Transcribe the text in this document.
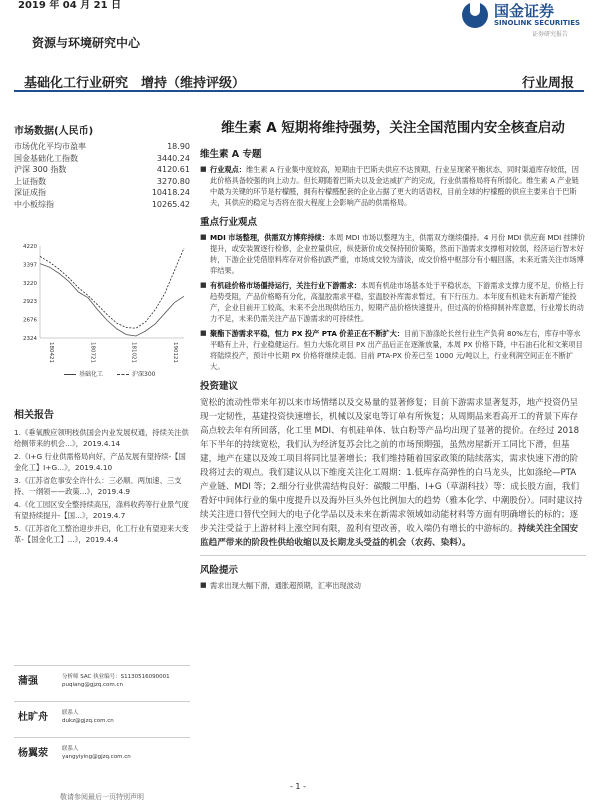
2019 年 04 月 21 日	国金证券
SINOLINK SECURITIES
证券研究报告
资源与环境研究中心
基础化工行业研究　增持（维持评级）	行业周报
市场数据(人民币)
市场优化平均市盈率	18.90
国金基础化工指数	3440.24
沪深 300 指数	4120.61
上证指数	3270.80
深证成指	10418.24
中小板综指	10265.42
4220
3397
3220
2923
2676
2324
180421	180721	181021	190121
基础化工	沪深300
相关报告

1.《垂氧酸应领明枝供国会内业发展权通，持续关注供给侧带来的机会...》，2019.4.14

2.《I+G 行业供需格局向好，产品发展有望持续-【国金化工】I+G...》，2019.4.10

3.《江苏省危事安全许什么：三必顺、两加速、三支持、一纲领——政策...》，2019.4.9

4.《化工园区安全整持续高压，涤料收药等行业景气度有望持续提升-【国...》，2019.4.7

5.《江苏省化工整治迎步并启，化工行业有望迎来大变革-【国金化工】...》，2019.4.4

蒲强	分析师 SAC 执业编号：S1130516090001
puqiang@gjzq.com.cn
杜旷舟	联系人
dukz@gjzq.com.cn
杨翼荥	联系人
yangyiying@gjzq.com.cn
维生素 A 短期将维持强势，关注全国范围内安全核查启动
维生素 A 专题
■ 行业观点：维生素 A 行业集中度较高，短期由于巴斯夫供应不达预期，行业呈现紧平衡状态，同时渠道库存较低，因此价格具备较强的向上动力。但长期随着巴斯夫以及金达威扩产的完成，行业供需格局将有所弱化。维生素 A 产业链中最为关键的环节是柠檬醛，拥有柠檬醛配套的企业占据了更大的话语权，目前全球的柠檬醛的供应主要来自于巴斯夫，其供应的稳定与否将在很大程度上会影响产品的供需格局。
重点行业观点
■ MDI 市场整理，供需双方博弈持续：本周 MDI 市场以整理为主，供需双方继续僵持。4 月份 MDI 供应商 MDI 挂牌价提升，或安装置逐行检修，企业控量供应，纵使新价成交保持韧价策略，然而下游需求支撑相对较弱，经济运行智未好转，下游企业凭借原料库存对价格抗跌严重，市场成交较为清淡，成交价格中枢部分有小幅回落，未来近需关注市场博弈结果。
■ 有机硅价格市场僵持运行，关注行业下游需求：本周有机硅市场基本处于平稳状态，下游需求支撑力度不足，价格上行趋势受阻，产品价格略有分化，高温胶需求平稳，室温胶补库需求暂过，有下行压力。本年度有机硅未有新增产能投产，企业目前开工较高，未来不会出现供给压力，短期产品价格快速提升，但过高的价格抑制补库意愿，行业增长的动力不足，未来仍需关注产品下游需求的可持续性。
■ 聚酯下游需求平稳，恒力 PX 投产 PTA 价差正在不断扩大：目前下游涤纶长丝行业生产负荷 80%左右，库存中等水平略有上升，行业稳健运行。恒力大炼化项目 PX 出产品后正在逐渐放量，本周 PX 价格下降，中石油石化和文莱项目将陆续投产，预计中长期 PX 价格将继续走弱。目前 PTA-PX 价差已至 1000 元/吨以上，行业利润空间正在不断扩大。
投资建议
宽松的流动性带来年初以来市场情绪以及交易量的显著修复；目前下游需求显著复苏，地产投资仍呈现一定韧性，基建投资快速增长，机械以及家电等订单有所恢复；从周期品来看高开工的背景下库存高点较去年有所回落，化工里 MDI、有机硅单体、钛白粉等产品均出现了显著的提价。在经过 2018 年下半年的持续宽松，我们认为经济复苏会比之前的市场预期强，虽然房屋新开工同比下滑，但基建，地产在建以及竣工项目将同比显著增长；我们维持随着国家政策的陆续落实，需求快速下滑的阶段将过去的观点。我们建议从以下维度关注化工周期：1.低库存高弹性的白马龙头，比如涤纶—PTA 产业链、MDI 等；2.细分行业供需结构良好：碳酸二甲酯、I+G（草湖科技）等：成长股方面，我们看好中间体行业的集中度提升以及海外巨头外包比例加大的趋势（雅本化学、中潮股份）。同时建议持续关注进口替代空间大的电子化学品以及未来在新需求领域如动能材料等方面有明确增长的标的；逐步关注受益于上游材料上涨空间有限，盈利有望改善，收入端仍有增长的中游标的。持续关注全国安监趋严带来的阶段性供给收缩以及长期龙头受益的机会（农药、染料）。
风险提示
■ 需求出现大幅下滑，通胀超预期，汇率出现波动
- 1 -
敬请参阅最后一页特别声明
